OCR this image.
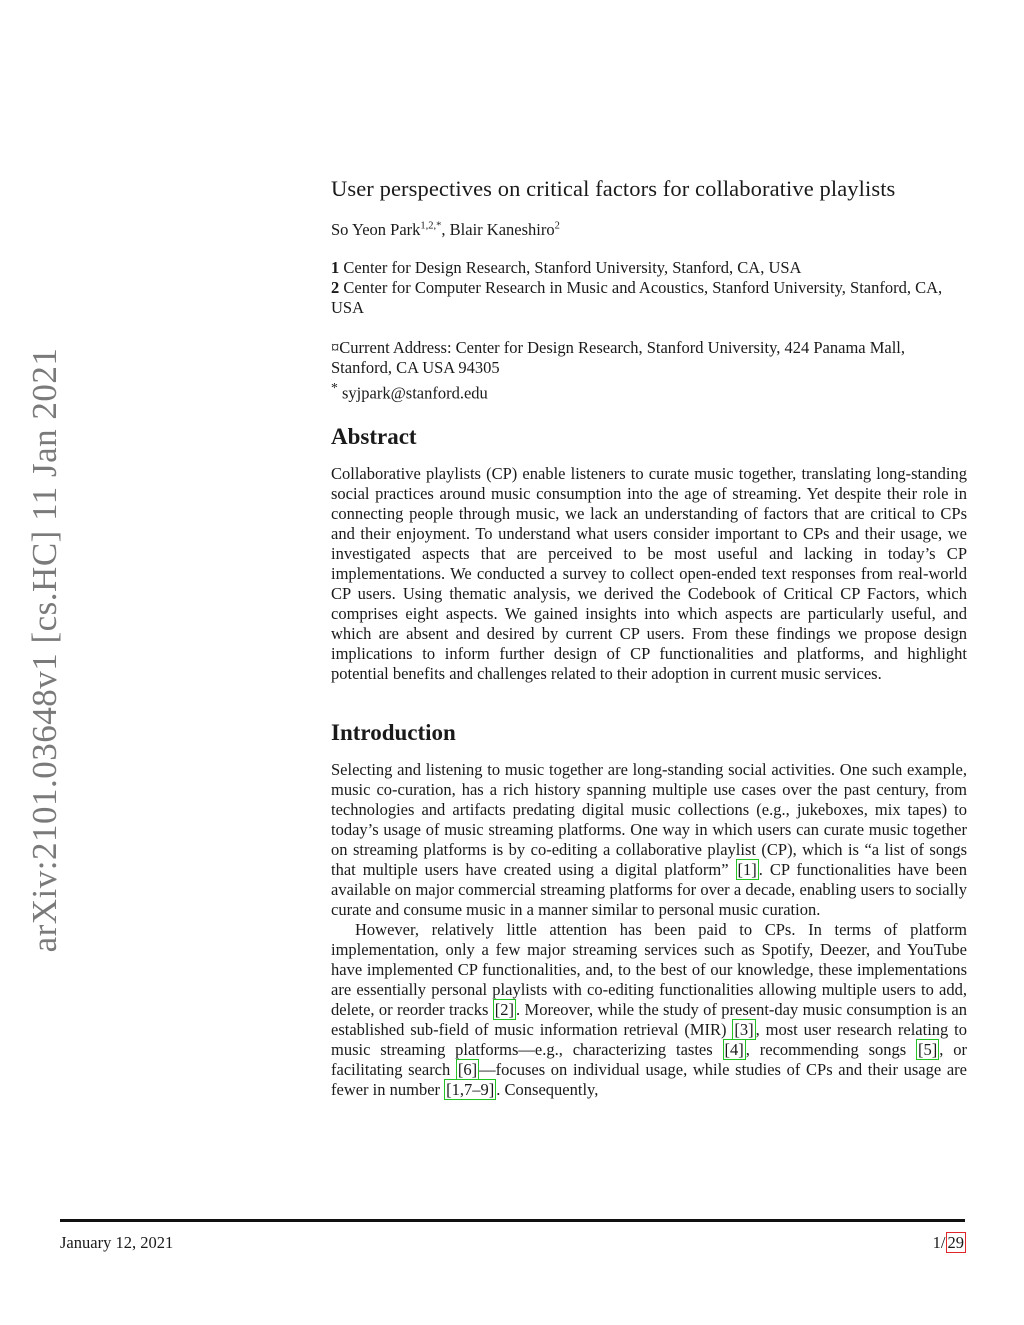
arXiv:2101.03648v1 [cs.HC] 11 Jan 2021
User perspectives on critical factors for collaborative playlists
So Yeon Park$^{1,2,*}$, Blair Kaneshiro$^2$
1 Center for Design Research, Stanford University, Stanford, CA, USA
2 Center for Computer Research in Music and Acoustics, Stanford University, Stanford, CA, USA
¤Current Address: Center for Design Research, Stanford University, 424 Panama Mall, Stanford, CA USA 94305
* syjpark@stanford.edu
Abstract

Collaborative playlists (CP) enable listeners to curate music together, translating long-standing social practices around music consumption into the age of streaming. Yet despite their role in connecting people through music, we lack an understanding of factors that are critical to CPs and their enjoyment. To understand what users consider important to CPs and their usage, we investigated aspects that are perceived to be most useful and lacking in today’s CP implementations. We conducted a survey to collect open-ended text responses from real-world CP users. Using thematic analysis, we derived the Codebook of Critical CP Factors, which comprises eight aspects. We gained insights into which aspects are particularly useful, and which are absent and desired by current CP users. From these findings we propose design implications to inform further design of CP functionalities and platforms, and highlight potential benefits and challenges related to their adoption in current music services.

Introduction

Selecting and listening to music together are long-standing social activities. One such example, music co-curation, has a rich history spanning multiple use cases over the past century, from technologies and artifacts predating digital music collections (e.g., jukeboxes, mix tapes) to today’s usage of music streaming platforms. One way in which users can curate music together on streaming platforms is by co-editing a collaborative playlist (CP), which is “a list of songs that multiple users have created using a digital platform” [1] . CP functionalities have been available on major commercial streaming platforms for over a decade, enabling users to socially curate and consume music in a manner similar to personal music curation.

However, relatively little attention has been paid to CPs. In terms of platform implementation, only a few major streaming services such as Spotify, Deezer, and YouTube have implemented CP functionalities, and, to the best of our knowledge, these implementations are essentially personal playlists with co-editing functionalities allowing multiple users to add, delete, or reorder tracks [2] . Moreover, while the study of present-day music consumption is an established sub-field of music information retrieval (MIR) [3] , most user research relating to music streaming platforms—e.g., characterizing tastes [4] , recommending songs [5] , or facilitating search [6] —focuses on individual usage, while studies of CPs and their usage are fewer in number [1,7–9] . Consequently,

January 12, 2021	1/ 29
